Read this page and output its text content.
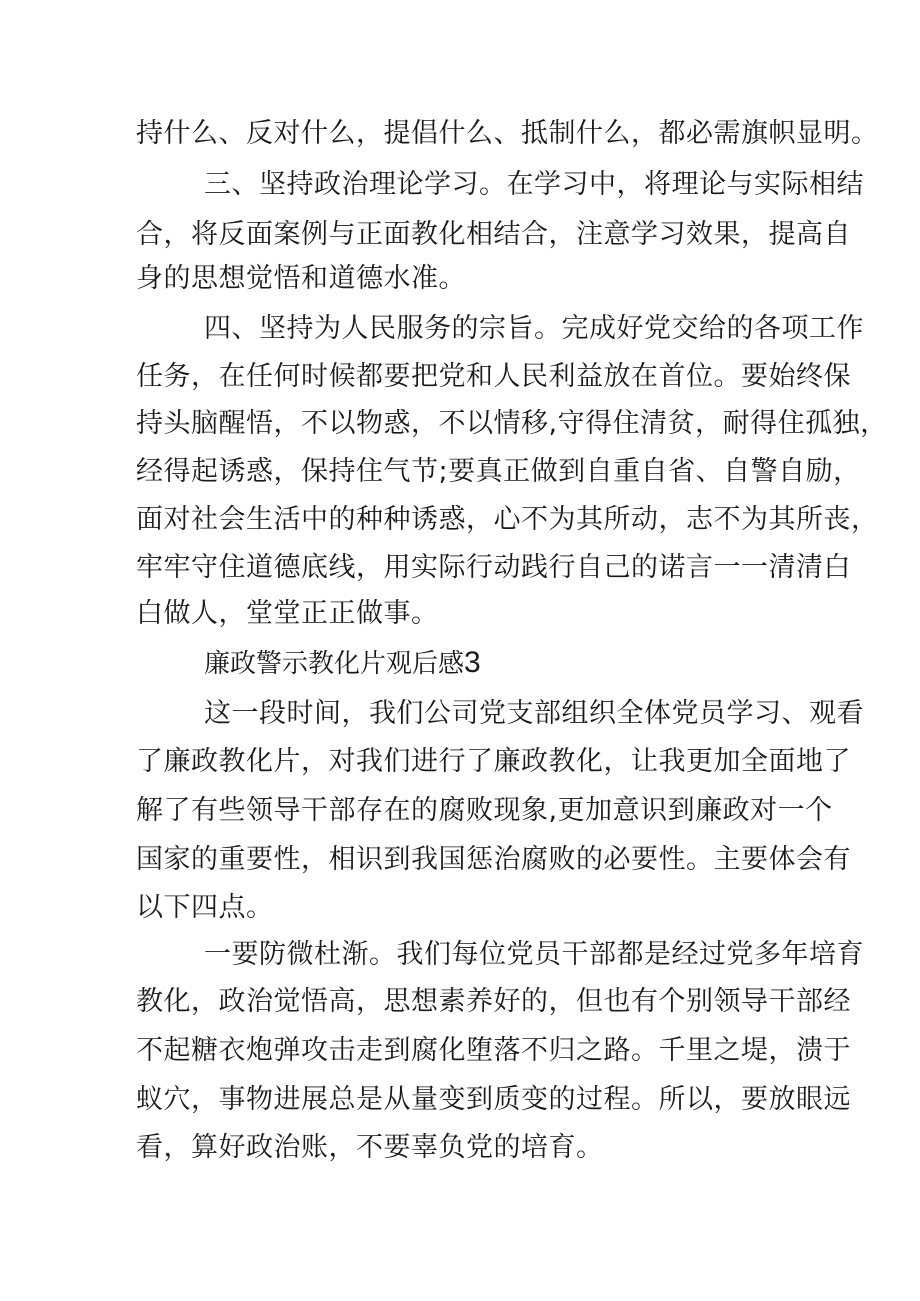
持什么、反对什么，提倡什么、抵制什么，都必需旗帜显明。
三、坚持政治理论学习。在学习中，将理论与实际相结
合，将反面案例与正面教化相结合，注意学习效果，提高自
身的思想觉悟和道德水准。
四、坚持为人民服务的宗旨。完成好党交给的各项工作
任务，在任何时候都要把党和人民利益放在首位。要始终保
持头脑醒悟，不以物惑，不以情移,守得住清贫，耐得住孤独，
经得起诱惑，保持住气节;要真正做到自重自省、自警自励，
面对社会生活中的种种诱惑，心不为其所动，志不为其所丧，
牢牢守住道德底线，用实际行动践行自己的诺言一一清清白
白做人，堂堂正正做事。
廉政警示教化片观后感3
这一段时间，我们公司党支部组织全体党员学习、观看
了廉政教化片，对我们进行了廉政教化，让我更加全面地了
解了有些领导干部存在的腐败现象,更加意识到廉政对一个
国家的重要性，相识到我国惩治腐败的必要性。主要体会有
以下四点。
一要防微杜渐。我们每位党员干部都是经过党多年培育
教化，政治觉悟高，思想素养好的，但也有个别领导干部经
不起糖衣炮弹攻击走到腐化堕落不归之路。千里之堤，溃于
蚁穴，事物进展总是从量变到质变的过程。所以，要放眼远
看，算好政治账，不要辜负党的培育。
